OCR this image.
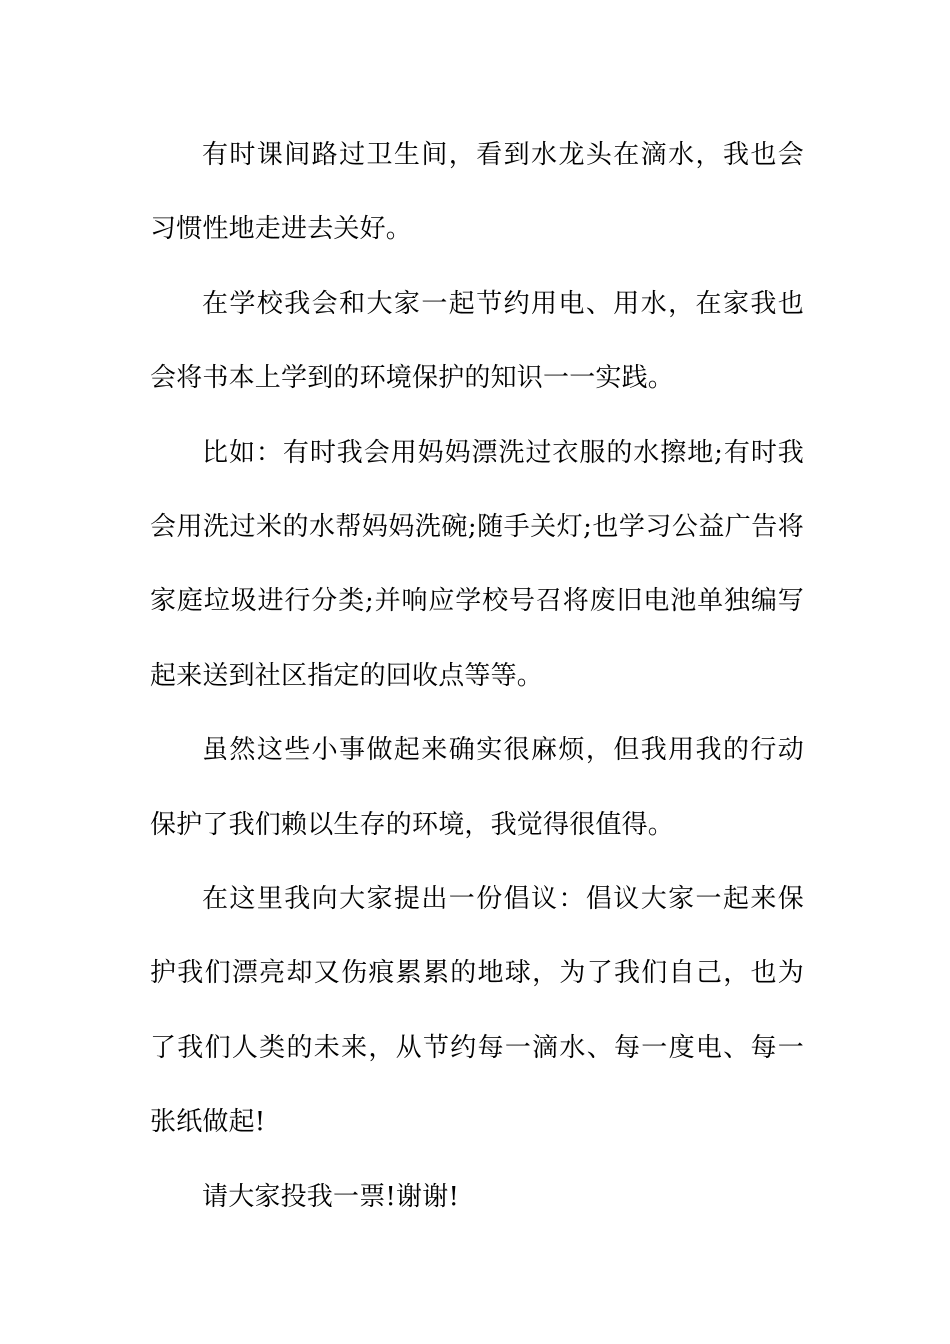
有时课间路过卫生间，看到水龙头在滴水，我也会习惯性地走进去关好。

在学校我会和大家一起节约用电、用水，在家我也会将书本上学到的环境保护的知识一一实践。

比如：有时我会用妈妈漂洗过衣服的水擦地;有时我会用洗过米的水帮妈妈洗碗;随手关灯;也学习公益广告将家庭垃圾进行分类;并响应学校号召将废旧电池单独编写起来送到社区指定的回收点等等。

虽然这些小事做起来确实很麻烦，但我用我的行动保护了我们赖以生存的环境，我觉得很值得。

在这里我向大家提出一份倡议：倡议大家一起来保护我们漂亮却又伤痕累累的地球，为了我们自己，也为了我们人类的未来，从节约每一滴水、每一度电、每一张纸做起!

请大家投我一票!谢谢!
